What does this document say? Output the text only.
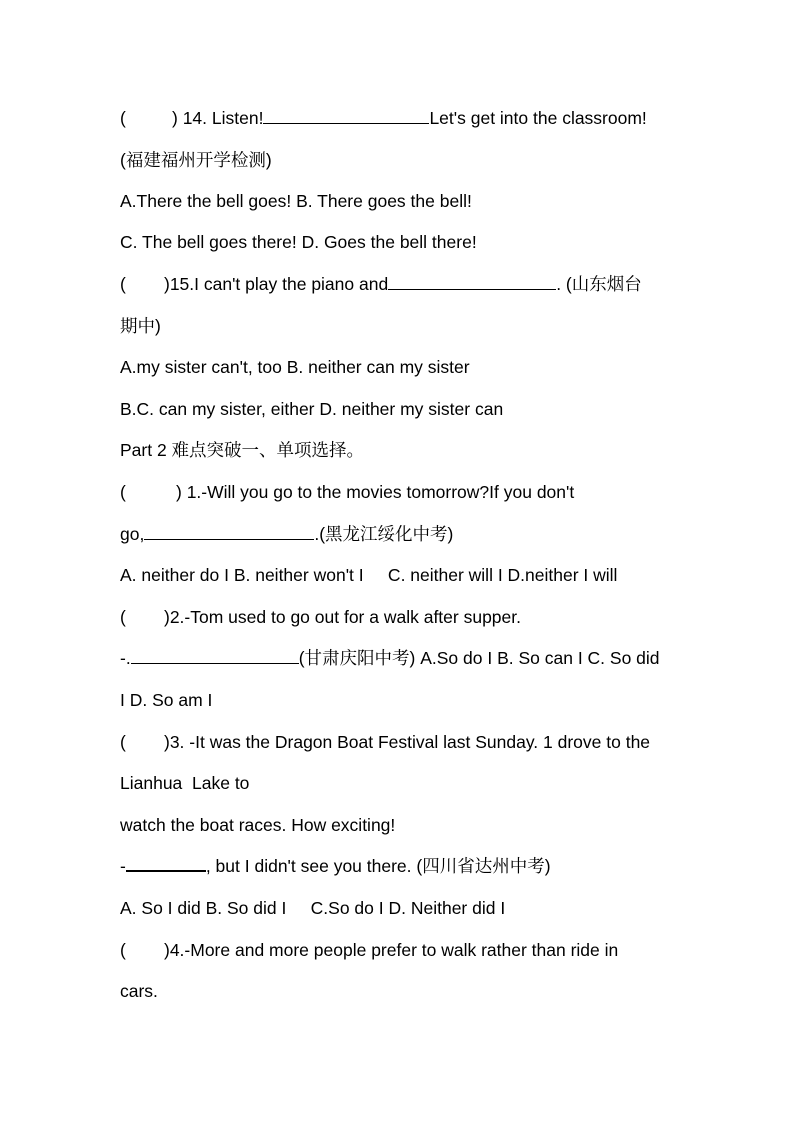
(	) 14. Listen!	Let's get into the classroom!
(福建福州开学检测)
A.There the bell goes! B. There goes the bell!
C. The bell goes there! D. Goes the bell there!
( )15.I can't play the piano and	. (山东烟台
期中)
A.my sister can't, too B. neither can my sister
B.C. can my sister, either D. neither my sister can
Part 2 难点突破一、单项选择。
(	) 1.-Will you go to the movies tomorrow?If you don't
go,	.(黑龙江绥化中考)
A. neither do I B. neither won't I     C. neither will I D.neither I will
( )2.-Tom used to go out for a walk after supper.
-.	(甘肃庆阳中考) A.So do I B. So can I C. So did
I D. So am I
( )3. -It was the Dragon Boat Festival last Sunday. 1 drove to the
Lianhua  Lake to
watch the boat races. How exciting!
-	, but I didn't see you there. (四川省达州中考)
A. So I did B. So did I     C.So do I D. Neither did I
( )4.-More and more people prefer to walk rather than ride in
cars.
